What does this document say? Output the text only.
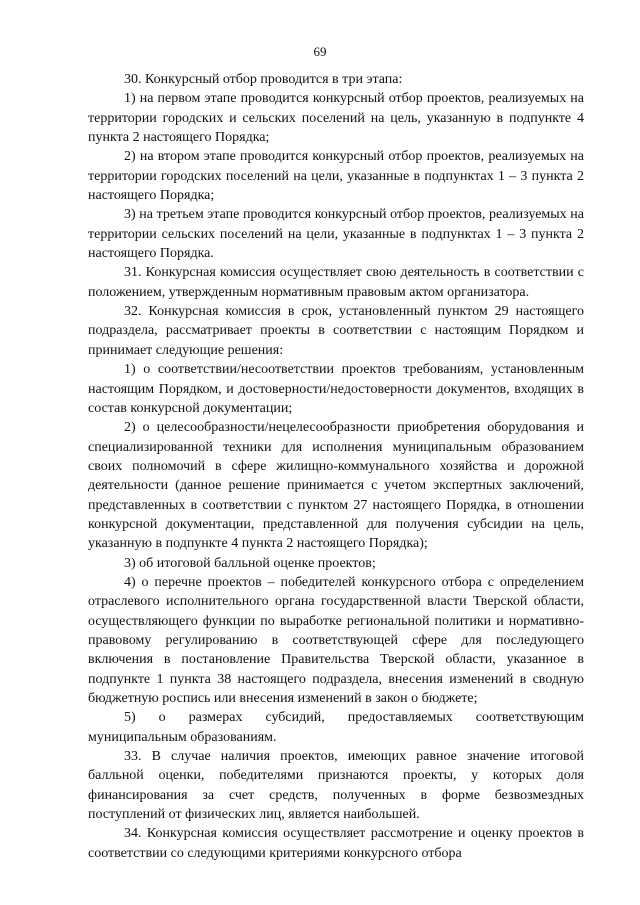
69

30. Конкурсный отбор проводится в три этапа:

1) на первом этапе проводится конкурсный отбор проектов, реализуемых на территории городских и сельских поселений на цель, указанную в подпункте 4 пункта 2 настоящего Порядка;

2) на втором этапе проводится конкурсный отбор проектов, реализуемых на территории городских поселений на цели, указанные в подпунктах 1 – 3 пункта 2 настоящего Порядка;

3) на третьем этапе проводится конкурсный отбор проектов, реализуемых на территории сельских поселений на цели, указанные в подпунктах 1 – 3 пункта 2 настоящего Порядка.

31. Конкурсная комиссия осуществляет свою деятельность в соответствии с положением, утвержденным нормативным правовым актом организатора.

32. Конкурсная комиссия в срок, установленный пунктом 29 настоящего подраздела, рассматривает проекты в соответствии с настоящим Порядком и принимает следующие решения:

1) о соответствии/несоответствии проектов требованиям, установленным настоящим Порядком, и достоверности/недостоверности документов, входящих в состав конкурсной документации;

2) о целесообразности/нецелесообразности приобретения оборудования и специализированной техники для исполнения муниципальным образованием своих полномочий в сфере жилищно-коммунального хозяйства и дорожной деятельности (данное решение принимается с учетом экспертных заключений, представленных в соответствии с пунктом 27 настоящего Порядка, в отношении конкурсной документации, представленной для получения субсидии на цель, указанную в подпункте 4 пункта 2 настоящего Порядка);

3) об итоговой балльной оценке проектов;

4) о перечне проектов – победителей конкурсного отбора с определением отраслевого исполнительного органа государственной власти Тверской области, осуществляющего функции по выработке региональной политики и нормативно-правовому регулированию в соответствующей сфере для последующего включения в постановление Правительства Тверской области, указанное в подпункте 1 пункта 38 настоящего подраздела, внесения изменений в сводную бюджетную роспись или внесения изменений в закон о бюджете;

5) о размерах субсидий, предоставляемых соответствующим муниципальным образованиям.

33. В случае наличия проектов, имеющих равное значение итоговой балльной оценки, победителями признаются проекты, у которых доля финансирования за счет средств, полученных в форме безвозмездных поступлений от физических лиц, является наибольшей.

34. Конкурсная комиссия осуществляет рассмотрение и оценку проектов в соответствии со следующими критериями конкурсного отбора
